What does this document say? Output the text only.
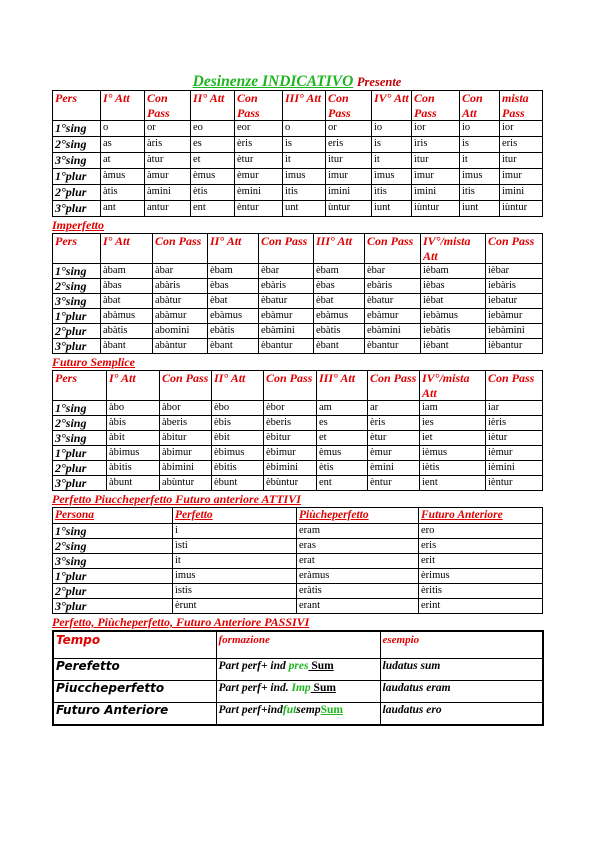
Desinenze INDICATIVO Presente
Pers	I° Att	Con Pass	II° Att	Con Pass	III° Att	Con Pass	IV° Att	Con Pass	Con Att	mista Pass
1°sing	o	or	eo	eor	o	or	io	ior	io	ior
2°sing	as	àris	es	èris	is	eris	is	ìris	is	eris
3°sing	at	àtur	et	ètur	it	itur	it	ìtur	it	itur
1°plur	àmus	àmur	èmus	èmur	imus	imur	ìmus	ìmur	imus	imur
2°plur	àtis	àmini	ètis	èmini	itis	imini	ìtis	ìmini	itis	imini
3°plur	ant	antur	ent	èntur	unt	ùntur	iunt	iùntur	iunt	iùntur
Imperfetto
Pers	I° Att	Con Pass	II° Att	Con Pass	III° Att	Con Pass	IV°/mista Att	Con Pass
1°sing	àbam	àbar	èbam	èbar	èbam	èbar	ièbam	ièbar
2°sing	àbas	abàris	èbas	ebàris	èbas	ebàris	ièbas	iebàris
3°sing	àbat	abàtur	èbat	èbatur	èbat	èbatur	ièbat	iebatur
1°plur	abàmus	abàmur	ebàmus	ebàmur	ebàmus	ebàmur	iebàmus	iebàmur
2°plur	abàtis	abomini	ebàtis	ebàmini	ebàtis	ebàmini	iebàtis	iebàmini
3°plur	àbant	abàntur	èbant	èbantur	èbant	èbantur	ièbant	ièbantur
Futuro Semplice
Pers	I° Att	Con Pass	II° Att	Con Pass	III° Att	Con Pass	IV°/mista Att	Con Pass
1°sing	àbo	àbor	èbo	èbor	am	ar	iam	iar
2°sing	àbis	àberis	èbis	èberis	es	èris	ies	ièris
3°sing	àbit	àbitur	èbit	èbitur	et	ètur	iet	iètur
1°plur	àbimus	àbimur	èbimus	èbimur	èmus	èmur	ièmus	ièmur
2°plur	àbitis	àbimini	èbitis	èbimini	ètis	èmini	iètis	ièmini
3°plur	àbunt	abùntur	èbunt	èbùntur	ent	èntur	ient	ièntur
Perfetto Piuccheperfetto Futuro anteriore ATTIVI
Persona	Perfetto	Piùcheperfetto	Futuro Anteriore
1°sing	i	eram	ero
2°sing	ìsti	eras	eris
3°sing	it	erat	erit
1°plur	imus	eràmus	èrimus
2°plur	ìstis	eràtis	èritis
3°plur	èrunt	erant	erint
Perfetto, Piùcheperfetto, Futuro Anteriore PASSIVI
Tempo	formazione	esempio
Perefetto	Part perf+ ind pres Sum	ludatus sum
Piuccheperfetto	Part perf+ ind. Imp Sum	laudatus eram
Futuro Anteriore	Part perf+indfutsempSum	laudatus ero
